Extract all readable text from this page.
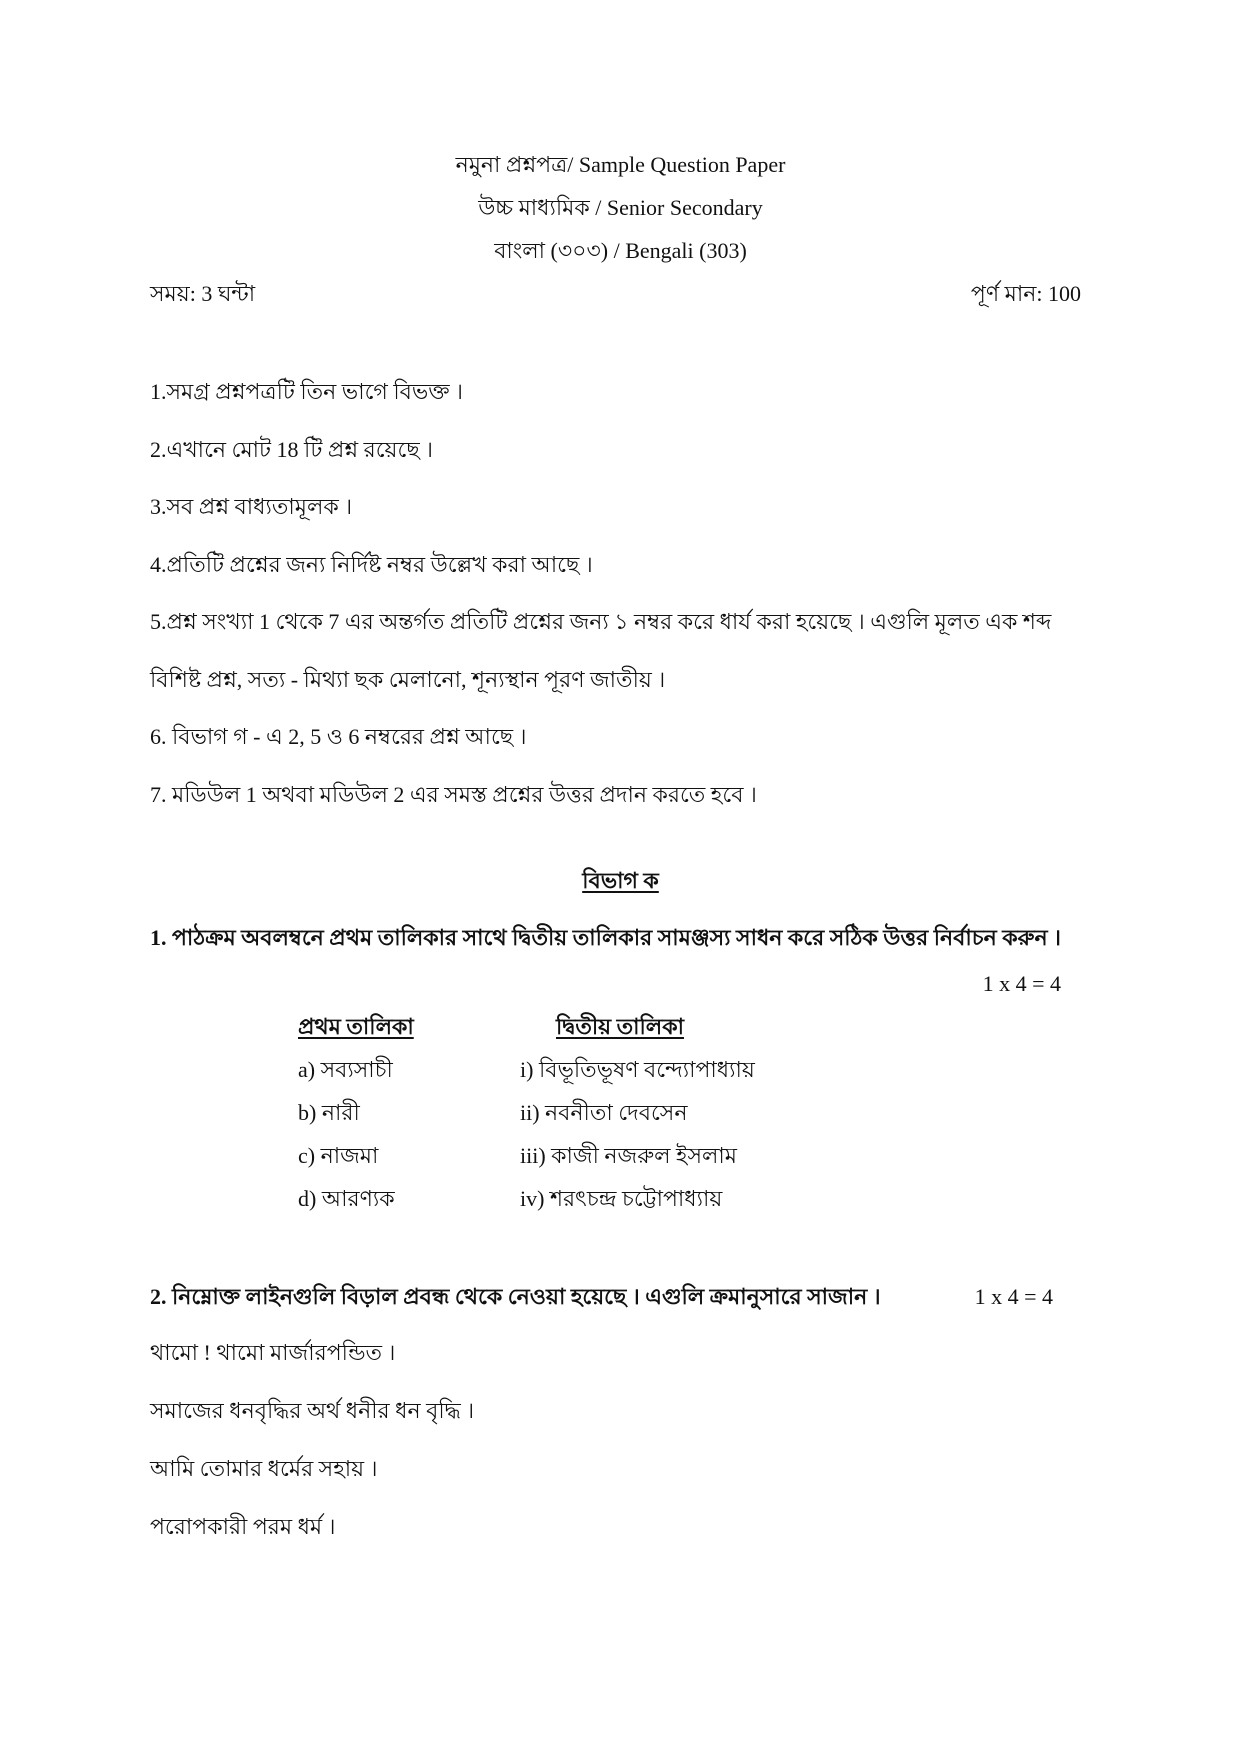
নমুনা প্রশ্নপত্র/ Sample Question Paper
উচ্চ মাধ্যমিক / Senior Secondary
বাংলা (৩০৩) / Bengali (303)
সময়: 3 ঘন্টা	পূর্ণ মান: 100
1.সমগ্র প্রশ্নপত্রটি তিন ভাগে বিভক্ত ।
2.এখানে মোট 18 টি প্রশ্ন রয়েছে ।
3.সব প্রশ্ন বাধ্যতামূলক ।
4.প্রতিটি প্রশ্নের জন্য নির্দিষ্ট নম্বর উল্লেখ করা আছে ।
5.প্রশ্ন সংখ্যা 1 থেকে 7 এর অন্তর্গত প্রতিটি প্রশ্নের জন্য ১ নম্বর করে ধার্য করা হয়েছে । এগুলি মূলত এক শব্দ
বিশিষ্ট প্রশ্ন, সত্য - মিথ্যা ছক মেলানো, শূন্যস্থান পূরণ জাতীয় ।
6. বিভাগ গ - এ 2, 5 ও 6 নম্বরের প্রশ্ন আছে ।
7. মডিউল 1 অথবা মডিউল 2 এর সমস্ত প্রশ্নের উত্তর প্রদান করতে হবে ।
বিভাগ ক
1. পাঠক্রম অবলম্বনে প্রথম তালিকার সাথে দ্বিতীয় তালিকার সামঞ্জস্য সাধন করে সঠিক উত্তর নির্বাচন করুন ।
1 x 4 = 4
প্রথম তালিকা	দ্বিতীয় তালিকা
a) সব্যসাচী	i) বিভূতিভূষণ বন্দ্যোপাধ্যায়
b) নারী	ii) নবনীতা দেবসেন
c) নাজমা	iii) কাজী নজরুল ইসলাম
d) আরণ্যক	iv) শরৎচন্দ্র চট্টোপাধ্যায়
2. নিম্নোক্ত লাইনগুলি বিড়াল প্রবন্ধ থেকে নেওয়া হয়েছে । এগুলি ক্রমানুসারে সাজান ।	1 x 4 = 4
থামো ! থামো মার্জারপন্ডিত ।
সমাজের ধনবৃদ্ধির অর্থ ধনীর ধন বৃদ্ধি ।
আমি তোমার ধর্মের সহায় ।
পরোপকারী পরম ধর্ম ।
